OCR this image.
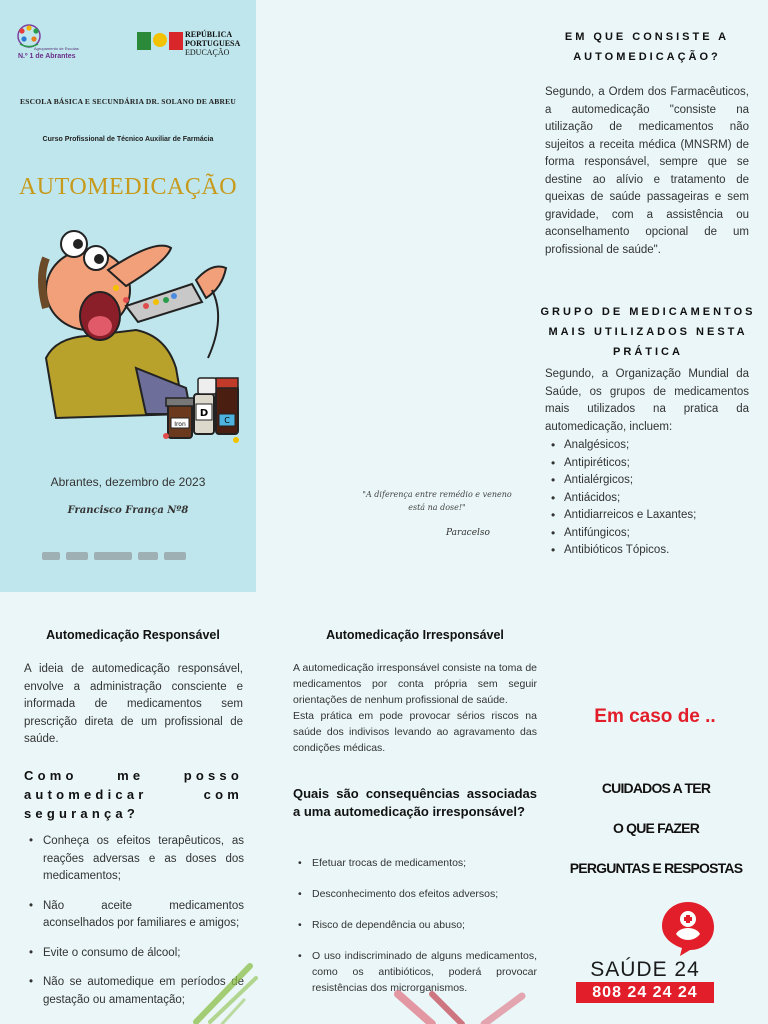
Agrupamento de Escolas
N.º 1 de Abrantes
REPÚBLICA
PORTUGUESA
EDUCAÇÃO
ESCOLA BÁSICA E SECUNDÁRIA DR. SOLANO DE ABREU
Curso Profissional de Técnico Auxiliar de Farmácia
AUTOMEDICAÇÃO
Iron
D
C
Abrantes, dezembro de 2023
Francisco França Nº8
"A diferença entre remédio e veneno está na dose!"
Paracelso
EM QUE CONSISTE A AUTOMEDICAÇÃO?
Segundo, a Ordem dos Farmacêuticos, a automedicação "consiste na utilização de medicamentos não sujeitos a receita médica (MNSRM) de forma responsável, sempre que se destine ao alívio e tratamento de queixas de saúde passageiras e sem gravidade, com a assistência ou aconselhamento opcional de um profissional de saúde".
GRUPO DE MEDICAMENTOS MAIS UTILIZADOS NESTA PRÁTICA
Segundo, a Organização Mundial da Saúde, os grupos de medicamentos mais utilizados na pratica da automedicação, incluem:
• Analgésicos;
• Antipiréticos;
• Antialérgicos;
• Antiácidos;
• Antidiarreicos e Laxantes;
• Antifúngicos;
• Antibióticos Tópicos.
Automedicação Responsável
A ideia de automedicação responsável, envolve a administração consciente e informada de medicamentos sem prescrição direta de um profissional de saúde.
Como me posso automedicar com segurança?
• Conheça os efeitos terapêuticos, as reações adversas e as doses dos medicamentos;
• Não aceite medicamentos aconselhados por familiares e amigos;
• Evite o consumo de álcool;
• Não se automedique em períodos de gestação ou amamentação;
Automedicação Irresponsável
A automedicação irresponsável consiste na toma de medicamentos por conta própria sem seguir orientações de nenhum profissional de saúde.
Esta prática em pode provocar sérios riscos na saúde dos indivisos levando ao agravamento das condições médicas.
Quais são consequências associadas a uma automedicação irresponsável?
• Efetuar trocas de medicamentos;
• Desconhecimento dos efeitos adversos;
• Risco de dependência ou abuso;
• O uso indiscriminado de alguns medicamentos, como os antibióticos, poderá provocar resistências dos microrganismos.
Em caso de ..
CUIDADOS A TER
O QUE FAZER
PERGUNTAS E RESPOSTAS
SAÚDE 24
808 24 24 24
